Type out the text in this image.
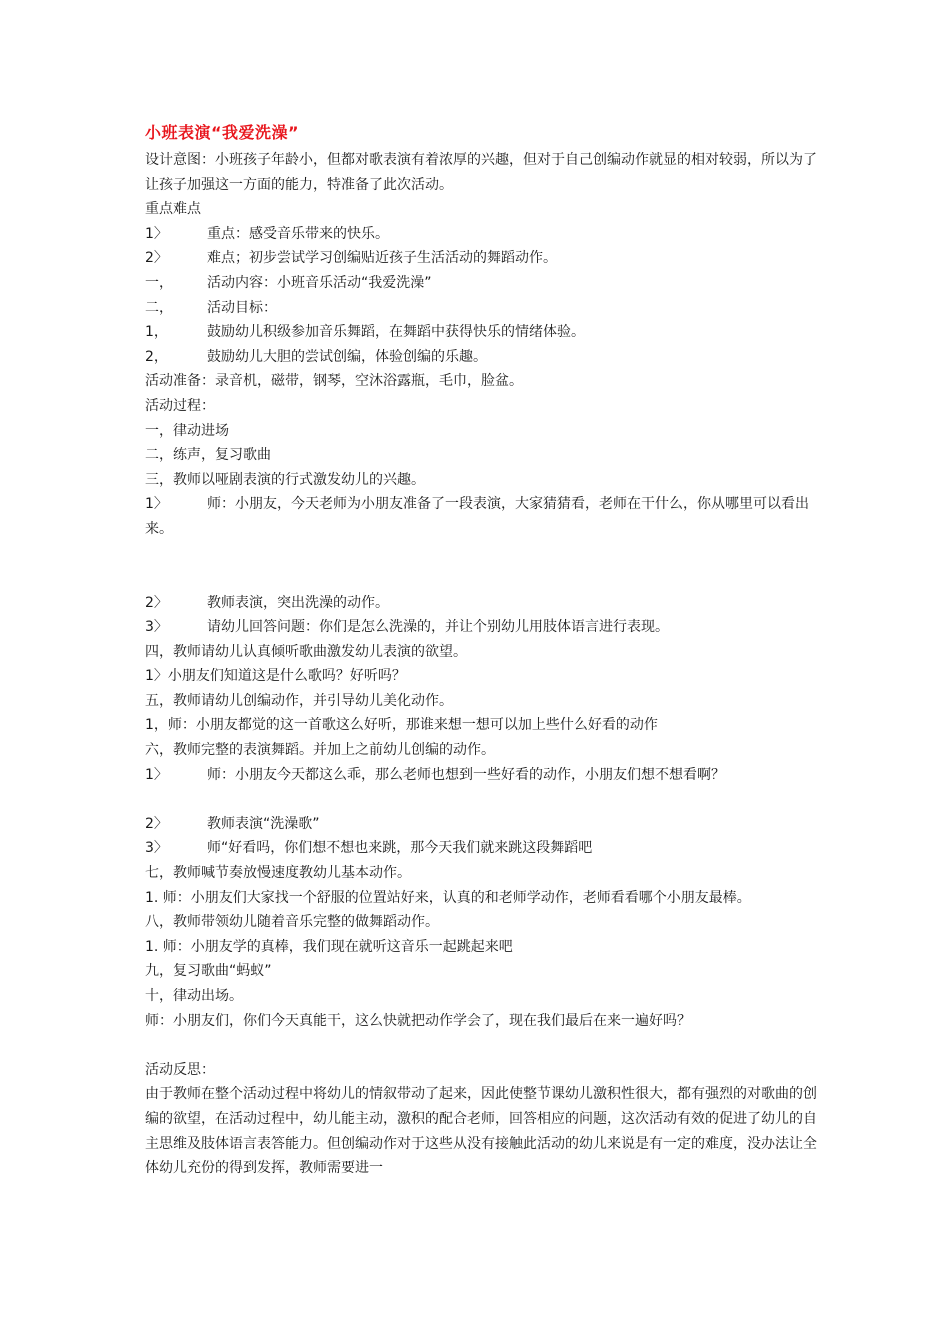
小班表演“我爱洗澡”
设计意图：小班孩子年龄小，但都对歌表演有着浓厚的兴趣，但对于自己创编动作就显的相对较弱，所以为了让孩子加强这一方面的能力，特准备了此次活动。
重点难点
1〉	重点：感受音乐带来的快乐。
2〉	难点；初步尝试学习创编贴近孩子生活活动的舞蹈动作。
一， 活动内容：小班音乐活动“我爱洗澡”
二， 活动目标：
1，	鼓励幼儿积级参加音乐舞蹈，在舞蹈中获得快乐的情绪体验。
2，	鼓励幼儿大胆的尝试创编，体验创编的乐趣。
活动准备：录音机，磁带，钢琴，空沐浴露瓶，毛巾，脸盆。
活动过程：
一，律动进场
二，练声，复习歌曲
三，教师以哑剧表演的行式激发幼儿的兴趣。
1〉	师：小朋友，今天老师为小朋友准备了一段表演，大家猜猜看，老师在干什么，你从哪里可以看出来。
2〉	教师表演，突出洗澡的动作。
3〉	请幼儿回答问题：你们是怎么洗澡的，并让个别幼儿用肢体语言进行表现。
四，教师请幼儿认真倾听歌曲激发幼儿表演的欲望。
1〉小朋友们知道这是什么歌吗？好听吗？
五，教师请幼儿创编动作，并引导幼儿美化动作。
1，师：小朋友都觉的这一首歌这么好听，那谁来想一想可以加上些什么好看的动作
六，教师完整的表演舞蹈。并加上之前幼儿创编的动作。
1〉	师：小朋友今天都这么乖，那么老师也想到一些好看的动作，小朋友们想不想看啊？
2〉	教师表演“洗澡歌”
3〉	师“好看吗，你们想不想也来跳，那今天我们就来跳这段舞蹈吧
七，教师喊节奏放慢速度教幼儿基本动作。
1. 师：小朋友们大家找一个舒服的位置站好来，认真的和老师学动作，老师看看哪个小朋友最棒。
八，教师带领幼儿随着音乐完整的做舞蹈动作。
1. 师：小朋友学的真棒，我们现在就听这音乐一起跳起来吧
九，复习歌曲“蚂蚁”
十，律动出场。
师：小朋友们，你们今天真能干，这么快就把动作学会了，现在我们最后在来一遍好吗？
活动反思：
由于教师在整个活动过程中将幼儿的情叙带动了起来，因此使整节课幼儿激积性很大，都有强烈的对歌曲的创编的欲望，在活动过程中，幼儿能主动，激积的配合老师，回答相应的问题，这次活动有效的促进了幼儿的自主思维及肢体语言表答能力。但创编动作对于这些从没有接触此活动的幼儿来说是有一定的难度，没办法让全体幼儿充份的得到发挥，教师需要进一
